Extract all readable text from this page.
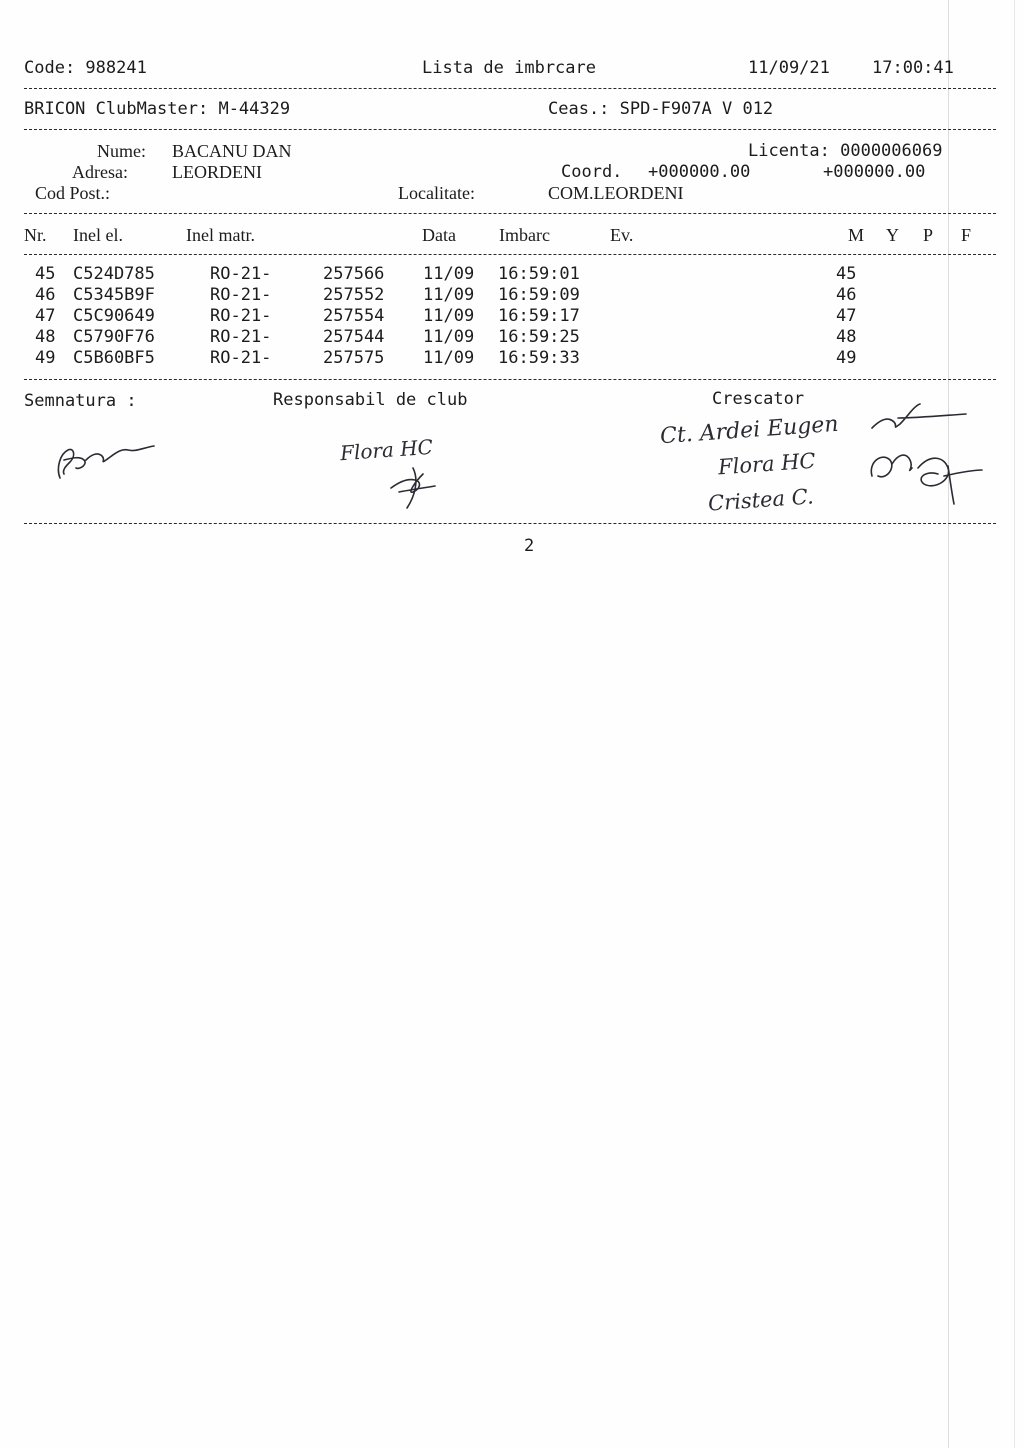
Code: 988241	Lista de imbrcare	11/09/21 17:00:41
BRICON ClubMaster: M-44329	Ceas.: SPD-F907A V 012
Nume: BACANU DAN	Licenta: 0000006069
Adresa: LEORDENI	Coord. +000000.00	+000000.00
Cod Post.:	Localitate:	COM.LEORDENI
Nr. Inel el.	Inel matr.	Data Imbarc	Ev.	M Y P F
45 C524D785	RO-21-	257566 11/09 16:59:01	45
46 C5345B9F	RO-21-	257552 11/09 16:59:09	46
47 C5C90649	RO-21-	257554 11/09 16:59:17	47
48 C5790F76	RO-21-	257544 11/09 16:59:25	48
49 C5B60BF5	RO-21-	257575 11/09 16:59:33	49
Semnatura :	Responsabil de club	Crescator
Flora HC
Ct. Ardei Eugen
Flora HC
Cristea C.
2
